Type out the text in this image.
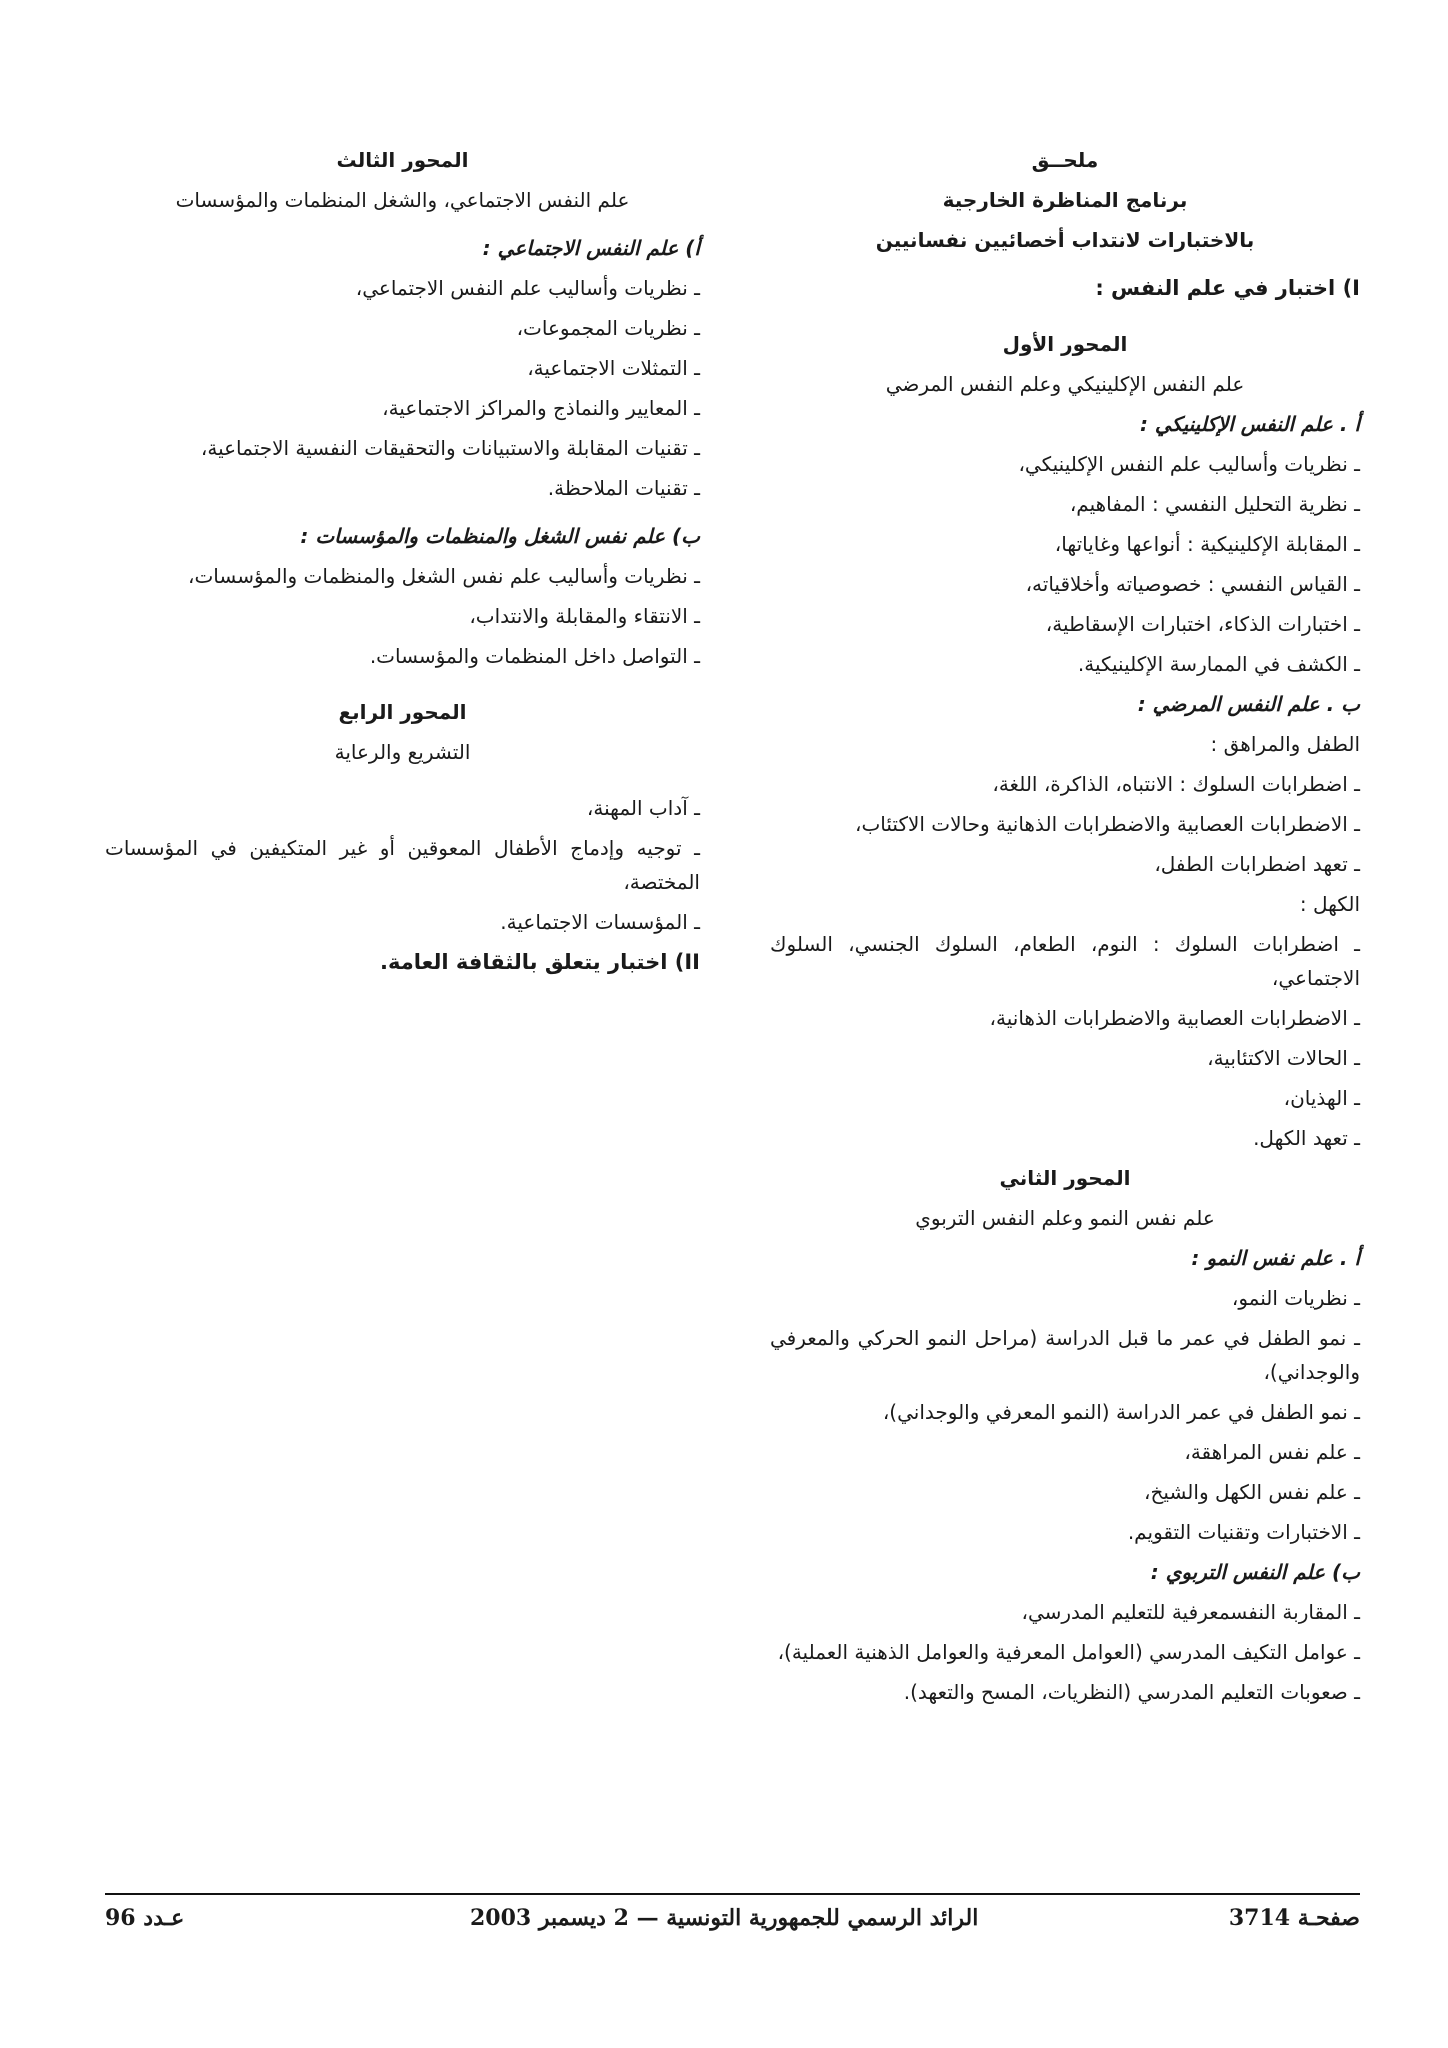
ملحــق
برنامج المناظرة الخارجية
بالاختبارات لانتداب أخصائيين نفسانيين
I) اختبار في علم النفس :
المحور الأول
علم النفس الإكلينيكي وعلم النفس المرضي
أ . علم النفس الإكلينيكي :
ـ نظريات وأساليب علم النفس الإكلينيكي،
ـ نظرية التحليل النفسي : المفاهيم،
ـ المقابلة الإكلينيكية : أنواعها وغاياتها،
ـ القياس النفسي : خصوصياته وأخلاقياته،
ـ اختبارات الذكاء، اختبارات الإسقاطية،
ـ الكشف في الممارسة الإكلينيكية.
ب . علم النفس المرضي :
الطفل والمراهق :
ـ اضطرابات السلوك : الانتباه، الذاكرة، اللغة،
ـ الاضطرابات العصابية والاضطرابات الذهانية وحالات الاكتئاب،
ـ تعهد اضطرابات الطفل،
الكهل :
ـ اضطرابات السلوك : النوم، الطعام، السلوك الجنسي، السلوك الاجتماعي،
ـ الاضطرابات العصابية والاضطرابات الذهانية،
ـ الحالات الاكتئابية،
ـ الهذيان،
ـ تعهد الكهل.
المحور الثاني
علم نفس النمو وعلم النفس التربوي
أ . علم نفس النمو :
ـ نظريات النمو،
ـ نمو الطفل في عمر ما قبل الدراسة (مراحل النمو الحركي والمعرفي والوجداني)،
ـ نمو الطفل في عمر الدراسة (النمو المعرفي والوجداني)،
ـ علم نفس المراهقة،
ـ علم نفس الكهل والشيخ،
ـ الاختبارات وتقنيات التقويم.
ب) علم النفس التربوي :
ـ المقاربة النفسمعرفية للتعليم المدرسي،
ـ عوامل التكيف المدرسي (العوامل المعرفية والعوامل الذهنية العملية)،
ـ صعوبات التعليم المدرسي (النظريات، المسح والتعهد).
المحور الثالث
علم النفس الاجتماعي، والشغل المنظمات والمؤسسات
أ) علم النفس الاجتماعي :
ـ نظريات وأساليب علم النفس الاجتماعي،
ـ نظريات المجموعات،
ـ التمثلات الاجتماعية،
ـ المعايير والنماذج والمراكز الاجتماعية،
ـ تقنيات المقابلة والاستبيانات والتحقيقات النفسية الاجتماعية،
ـ تقنيات الملاحظة.
ب) علم نفس الشغل والمنظمات والمؤسسات :
ـ نظريات وأساليب علم نفس الشغل والمنظمات والمؤسسات،
ـ الانتقاء والمقابلة والانتداب،
ـ التواصل داخل المنظمات والمؤسسات.
المحور الرابع
التشريع والرعاية
ـ آداب المهنة،
ـ توجيه وإدماج الأطفال المعوقين أو غير المتكيفين في المؤسسات المختصة،
ـ المؤسسات الاجتماعية.
II) اختبار يتعلق بالثقافة العامة.
صفحـة 3714
الرائد الرسمي للجمهورية التونسية — 2 ديسمبر 2003
عـدد 96
